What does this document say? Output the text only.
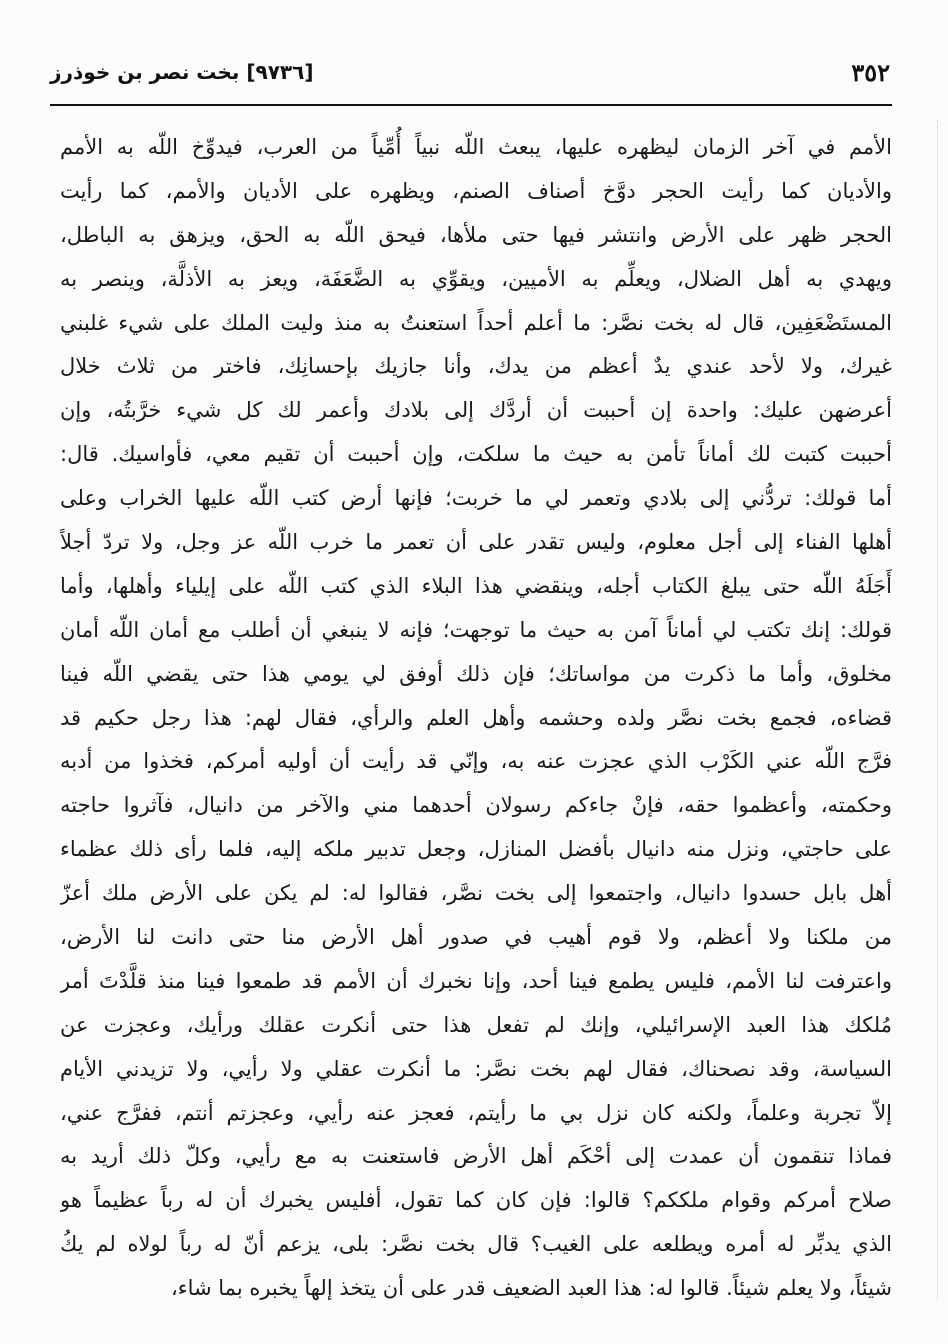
٣٥٢
[٩٧٣٦] بخت نصر بن خوذرز
الأمم في آخر الزمان ليظهره عليها، يبعث اللّه نبياً أُمِّياً من العرب، فيدوِّخ اللّه به الأمم
والأديان كما رأيت الحجر دوَّخ أصناف الصنم، ويظهره على الأديان والأمم، كما رأيت
الحجر ظهر على الأرض وانتشر فيها حتى ملأها، فيحق اللّه به الحق، ويزهق به الباطل،
ويهدي به أهل الضلال، ويعلِّم به الأميين، ويقوِّي به الضَّعَفَة، ويعز به الأذلَّة، وينصر به
المستَضْعَفِين، قال له بخت نصَّر: ما أعلم أحداً استعنتُ به منذ وليت الملك على شيء غلبني
غيرك، ولا لأحد عندي يدٌ أعظم من يدك، وأنا جازيك بإحسانِك، فاختر من ثلاث خلال
أعرضهن عليك: واحدة إن أحببت أن أردَّك إلى بلادك وأعمر لك كل شيء خرَّبتُه، وإن
أحببت كتبت لك أماناً تأمن به حيث ما سلكت، وإن أحببت أن تقيم معي، فأواسيك. قال:
أما قولك: تردُّني إلى بلادي وتعمر لي ما خربت؛ فإنها أرض كتب اللّه عليها الخراب وعلى
أهلها الفناء إلى أجل معلوم، وليس تقدر على أن تعمر ما خرب اللّه عز وجل، ولا تردّ أجلاً
أَجَلَهُ اللّه حتى يبلغ الكتاب أجله، وينقضي هذا البلاء الذي كتب اللّه على إيلياء وأهلها، وأما
قولك: إنك تكتب لي أماناً آمن به حيث ما توجهت؛ فإنه لا ينبغي أن أطلب مع أمان اللّه أمان
مخلوق، وأما ما ذكرت من مواساتك؛ فإن ذلك أوفق لي يومي هذا حتى يقضي اللّه فينا
قضاءه، فجمع بخت نصَّر ولده وحشمه وأهل العلم والرأي، فقال لهم: هذا رجل حكيم قد
فرَّج اللّه عني الكَرْب الذي عجزت عنه به، وإنّي قد رأيت أن أوليه أمركم، فخذوا من أدبه
وحكمته، وأعظموا حقه، فإنْ جاءكم رسولان أحدهما مني والآخر من دانيال، فآثروا حاجته
على حاجتي، ونزل منه دانيال بأفضل المنازل، وجعل تدبير ملكه إليه، فلما رأى ذلك عظماء
أهل بابل حسدوا دانيال، واجتمعوا إلى بخت نصَّر، فقالوا له: لم يكن على الأرض ملك أعزّ
من ملكنا ولا أعظم، ولا قوم أهيب في صدور أهل الأرض منا حتى دانت لنا الأرض،
واعترفت لنا الأمم، فليس يطمع فينا أحد، وإنا نخبرك أن الأمم قد طمعوا فينا منذ قلَّدْتَ أمر
مُلكك هذا العبد الإسرائيلي، وإنك لم تفعل هذا حتى أنكرت عقلك ورأيك، وعجزت عن
السياسة، وقد نصحناك، فقال لهم بخت نصَّر: ما أنكرت عقلي ولا رأيي، ولا تزيدني الأيام
إلاّ تجربة وعلماً، ولكنه كان نزل بي ما رأيتم، فعجز عنه رأيي، وعجزتم أنتم، ففرَّج عني،
فماذا تنقمون أن عمدت إلى أحْكَم أهل الأرض فاستعنت به مع رأيي، وكلّ ذلك أريد به
صلاح أمركم وقوام ملككم؟ قالوا: فإن كان كما تقول، أفليس يخبرك أن له رباً عظيماً هو
الذي يدبِّر له أمره ويطلعه على الغيب؟ قال بخت نصَّر: بلى، يزعم أنّ له رباً لولاه لم يكُ
شيئاً، ولا يعلم شيئاً. قالوا له: هذا العبد الضعيف قدر على أن يتخذ إلهاً يخبره بما شاء،
